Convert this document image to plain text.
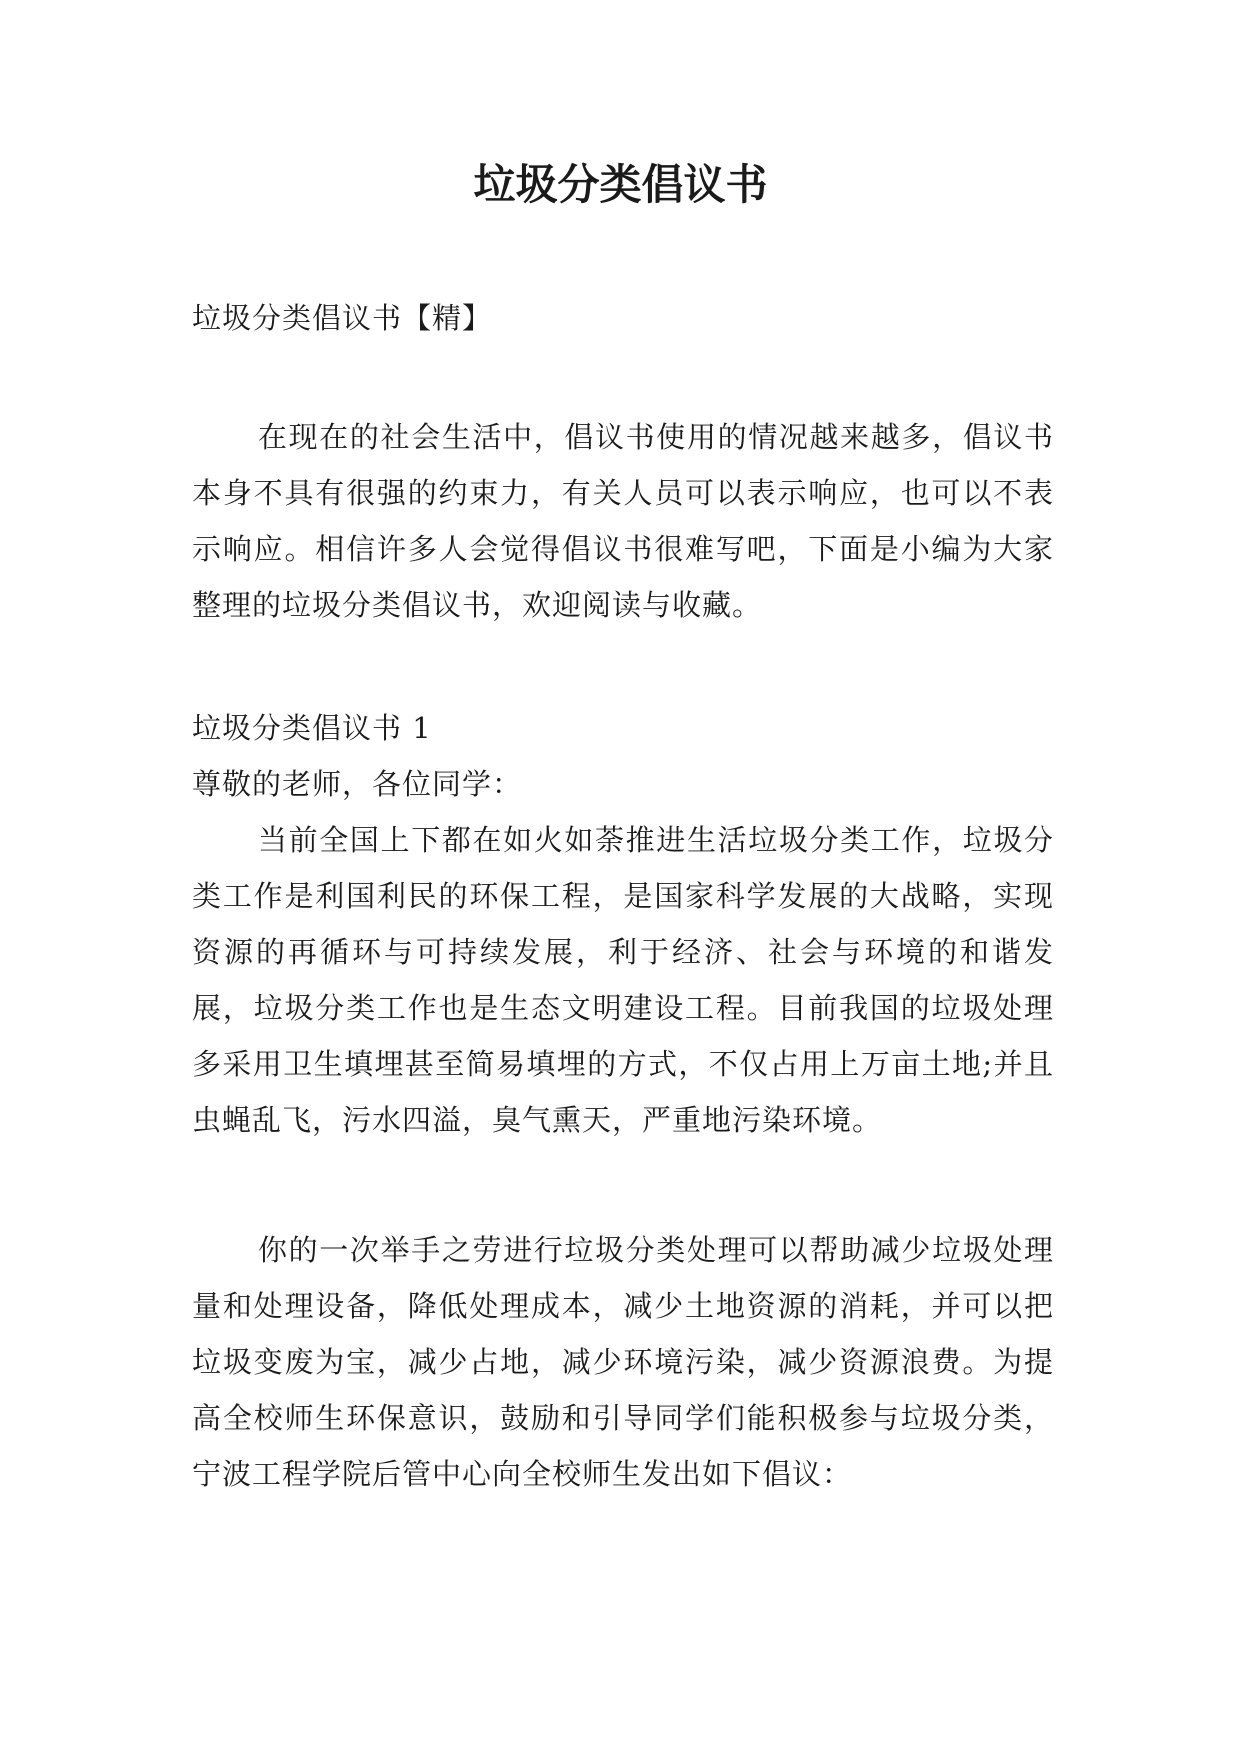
垃圾分类倡议书

垃圾分类倡议书【精】

在现在的社会生活中，倡议书使用的情况越来越多，倡议书本身不具有很强的约束力，有关人员可以表示响应，也可以不表示响应。相信许多人会觉得倡议书很难写吧，下面是小编为大家整理的垃圾分类倡议书，欢迎阅读与收藏。

垃圾分类倡议书 1

尊敬的老师，各位同学：

当前全国上下都在如火如荼推进生活垃圾分类工作，垃圾分类工作是利国利民的环保工程，是国家科学发展的大战略，实现资源的再循环与可持续发展，利于经济、社会与环境的和谐发展，垃圾分类工作也是生态文明建设工程。目前我国的垃圾处理多采用卫生填埋甚至简易填埋的方式，不仅占用上万亩土地;并且虫蝇乱飞，污水四溢，臭气熏天，严重地污染环境。

你的一次举手之劳进行垃圾分类处理可以帮助减少垃圾处理量和处理设备，降低处理成本，减少土地资源的消耗，并可以把垃圾变废为宝，减少占地，减少环境污染，减少资源浪费。为提高全校师生环保意识，鼓励和引导同学们能积极参与垃圾分类，宁波工程学院后管中心向全校师生发出如下倡议：
